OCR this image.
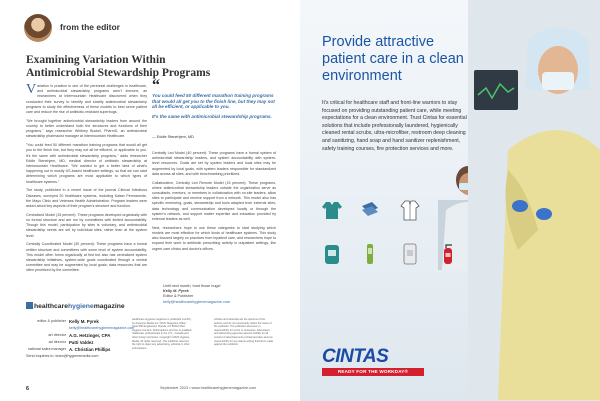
from the editor
Examining Variation Within Antimicrobial Stewardship Programs

Variation in practice is one of the perennial challenges in healthcare, and antimicrobial stewardship programs aren't immune, as researchers at Intermountain Healthcare discovered when they conducted their survey to identify and stratify antimicrobial stewardship programs to study the effectiveness of these models to best serve patient care and reduce the rise of antibiotic-resistant superbugs.

"We brought together antimicrobial stewardship leaders from around the country to better understand both the structures and functions of their programs," says researcher Whitney Buckel, PharmD, an antimicrobial stewardship pharmacist manager at Intermountain Healthcare.

"You could feed 50 different marathon training programs that would all get you to the finish line, but they may not all be efficient, or applicable to you. It's the same with antimicrobial stewardship programs," adds researcher Eddie Stenehjem, MD, medical director of antibiotic stewardship at Intermountain Healthcare. "We wanted to get a better idea of what's happening out in mostly US-based healthcare settings, so that we can start determining which programs are most applicable to which types of healthcare systems."

The study, published in a recent issue of the journal Clinical Infectious Diseases, surveyed 20 healthcare systems, including Kaiser Permanente, the Mayo Clinic and Veterans Health Administration. Program leaders were asked about key aspects of their program's structure and function.

Centralized Model (15 percent): These programs developed organically with no formal structure and are run by committees with limited accountability. Though this model, participation by sites is voluntary, and antimicrobial stewardship needs are set by individual sites, rather than at the system level.

Centrally Coordinated Model (30 percent): These programs have a formal written structure and committees with some level of system accountability. This model often forms organically at first but also has centralized system stewardship initiatives, system-wide goals coordinated through a central committee and may be augmented by local goals; data resources that are often prioritized by the committee.

“

You could feed 50 different marathon training programs that would all get you to the finish line, but they may not all be efficient, or applicable to you.

It's the same with antimicrobial stewardship programs.

— Eddie Stenehjem, MD

Centrally Led Model (40 percent): These programs have a formal system of antimicrobial stewardship leaders, and system accountability with system-level resources. Goals are set by system leaders and local sites may be augmented by local goals, with system leaders responsible for standardized data across all sites, and with benchmarking prioritized.

Collaborative, Centrally Led Remote Model (15 percent): These programs, where antimicrobial stewardship leaders outside the organization serve as consultants, mentors, or members in collaboration with on-site leaders, allow sites to participate and receive support from a network. This model also has specific mentoring, goals, stewardship and tools adapted from external sites; data technology and communication developed locally or through the system's network, and support matter expertise and education provided by external leaders as well.

Next, researchers hope to use these categories to start studying which models are most effective for which kinds of healthcare systems. This study also focused largely on practices from inpatient care, and researchers hope to expand their work to antibiotic prescribing activity in outpatient settings, like urgent care clinics and doctor's offices.

Until next month, trust those bugs!
Kelly M. Pyrek
Editor & Publisher
kelly@healthcarehygienemagazine.com
healthcarehygienemagazine
editor & publisher Kelly M. Pyrek
kelly@healthcarehygienemagazine.com
art director A.G. Hetzinger, CPA
ad director Patti Valdez
national sales manager A. Christian Phillips
Send inquiries to: team@hygienemedia.com
Healthcare Hygiene magazine is published monthly by American Media Inc. ISSN. Magazine Office: Suite 550 Englewood, Florida, CO 80112 Mail: Hygiene Content. Subscriptions are free to qualified healthcare professionals in the U.S., Canada and other foreign territories. Copyright ©2023 Hygiene Media. All rights reserved. The publisher reserves the right to reject any advertising, editorial or other submissions.
Articles and editorials are the opinions of the authors and do not necessarily reflect the views of the publisher. The publisher assumes no responsibility for errors or omissions. Advertisers and advertising agencies assume liability for all content of advertisements printed and also assume responsibility for any claims arising therefrom made against the publisher.
6	September 2023 • www.healthcarehygienemagazine.com
Provide attractive patient care in a clean environment
It's critical for healthcare staff and front-line warriors to stay focused on providing outstanding patient care, while meeting expectations for a clean environment. Trust Cintas for essential solutions that include professionally laundered, hygienically cleaned rental scrubs, ultra-microfiber, restroom deep cleaning and sanitizing, hand soap and hand sanitizer replenishment, safety training courses, fire protection services and more.
CINTAS
READY FOR THE WORKDAY®
